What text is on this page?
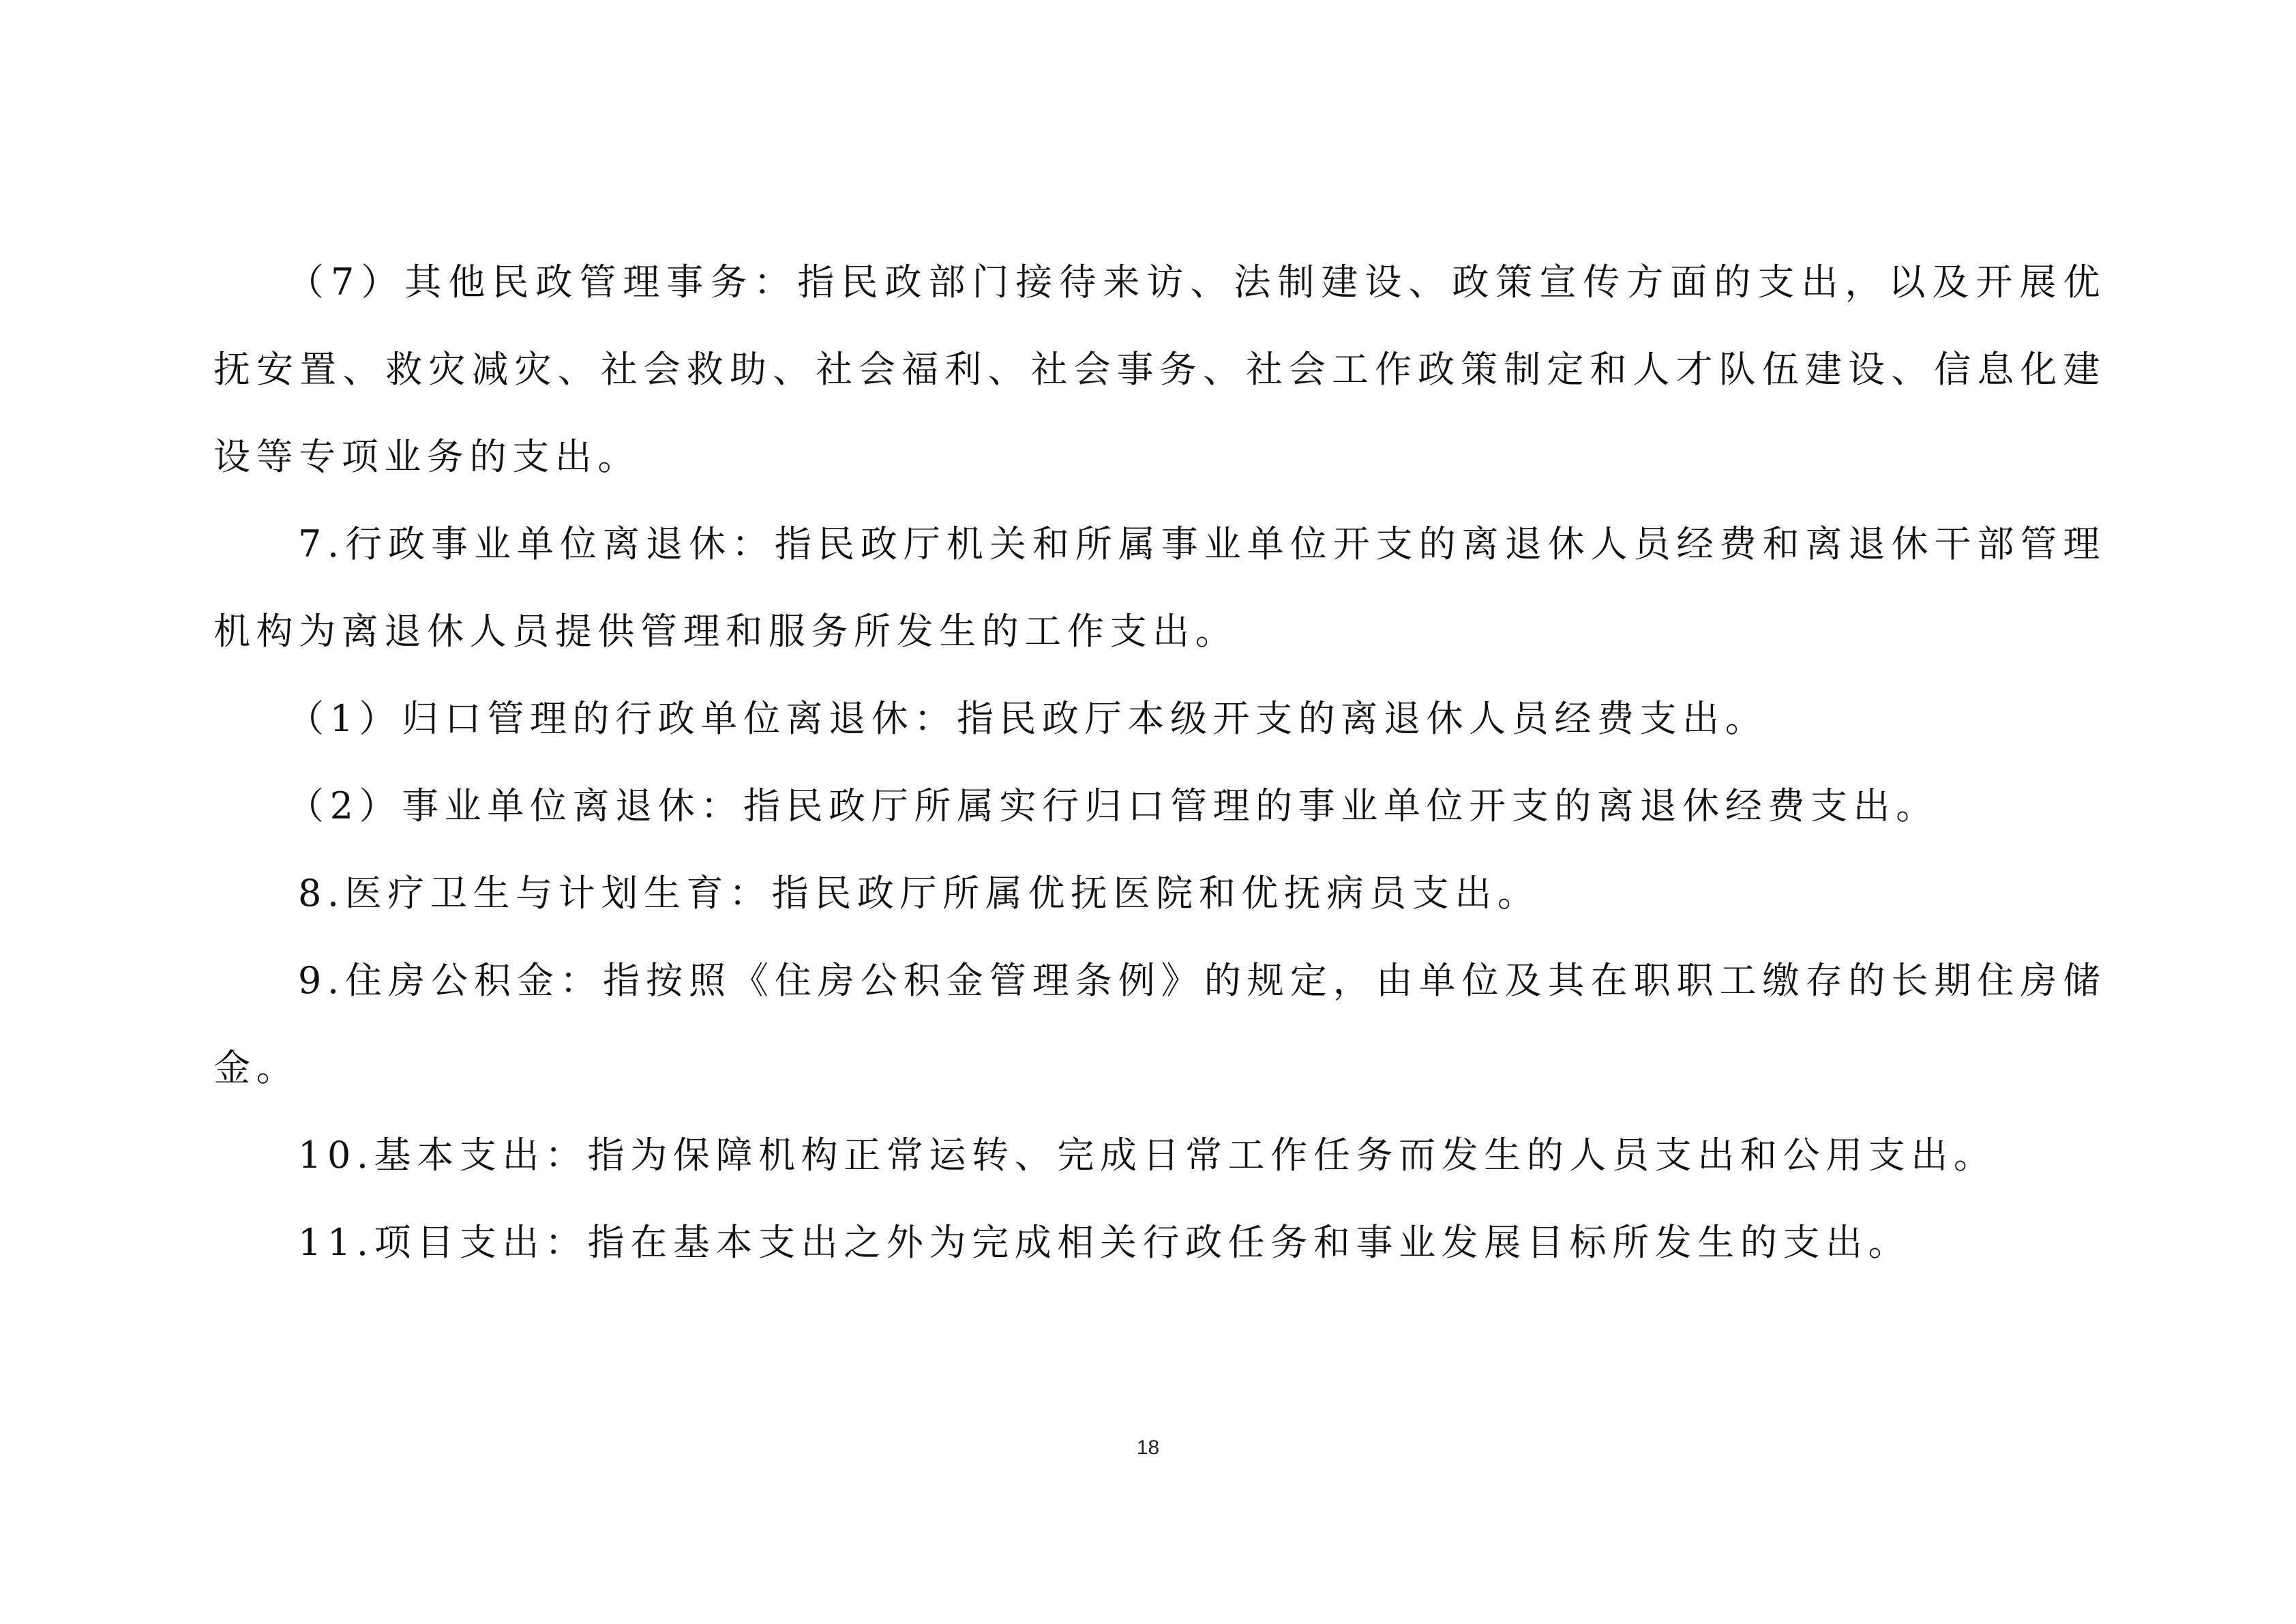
（7）其他民政管理事务：指民政部门接待来访、法制建设、政策宣传方面的支出，以及开展优抚安置、救灾减灾、社会救助、社会福利、社会事务、社会工作政策制定和人才队伍建设、信息化建设等专项业务的支出。

7.行政事业单位离退休：指民政厅机关和所属事业单位开支的离退休人员经费和离退休干部管理机构为离退休人员提供管理和服务所发生的工作支出。

（1）归口管理的行政单位离退休：指民政厅本级开支的离退休人员经费支出。

（2）事业单位离退休：指民政厅所属实行归口管理的事业单位开支的离退休经费支出。

8.医疗卫生与计划生育：指民政厅所属优抚医院和优抚病员支出。

9.住房公积金：指按照《住房公积金管理条例》的规定，由单位及其在职职工缴存的长期住房储金。

10.基本支出：指为保障机构正常运转、完成日常工作任务而发生的人员支出和公用支出。

11.项目支出：指在基本支出之外为完成相关行政任务和事业发展目标所发生的支出。

18
